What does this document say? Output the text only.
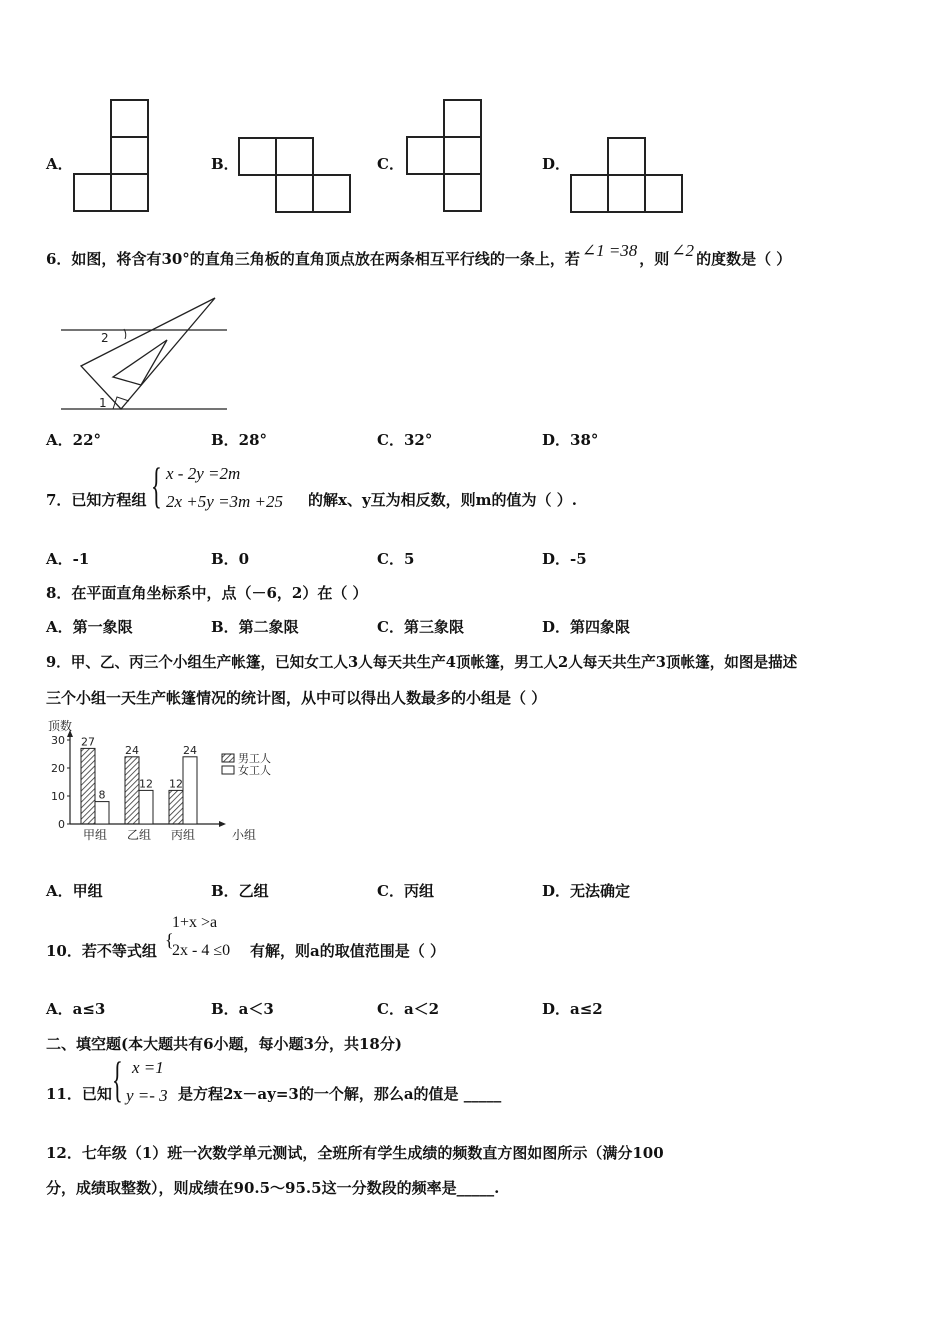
A．	B．	C．	D．
6．如图，将含有30°的直角三角板的直角顶点放在两条相互平行线的一条上，若 ∠1 =38 ，则 ∠2 的度数是（ ）
2
1
A．22°	B．28°	C．32°	D．38°
7．已知方程组 { x - 2y =2m
2x +5y =3m +25 的解x、y互为相反数，则m的值为（ ）.
A．-1	B．0	C．5	D．-5
8．在平面直角坐标系中，点（－6，2）在（ ）
A．第一象限	B．第二象限	C．第三象限	D．第四象限
9．甲、乙、丙三个小组生产帐篷，已知女工人3人每天共生产4顶帐篷，男工人2人每天共生产3顶帐篷，如图是描述
三个小组一天生产帐篷情况的统计图，从中可以得出人数最多的小组是（ ）
顶数
小组
0
10
20
30 27
8
甲组
24
12
乙组
12
24
丙组
男工人
女工人
A．甲组	B．乙组	C．丙组	D．无法确定
10．若不等式组
{
1+x >a
2x - 4 ≤0 有解，则a的取值范围是（ ）
A．a≤3	B．a＜3	C．a＜2	D．a≤2
二、填空题(本大题共有6小题，每小题3分，共18分)
11．已知 { x =1
y =- 3 是方程2x－ay=3的一个解，那么a的值是 _____
12．七年级（1）班一次数学单元测试，全班所有学生成绩的频数直方图如图所示（满分100
分，成绩取整数），则成绩在90.5～95.5这一分数段的频率是_____.
